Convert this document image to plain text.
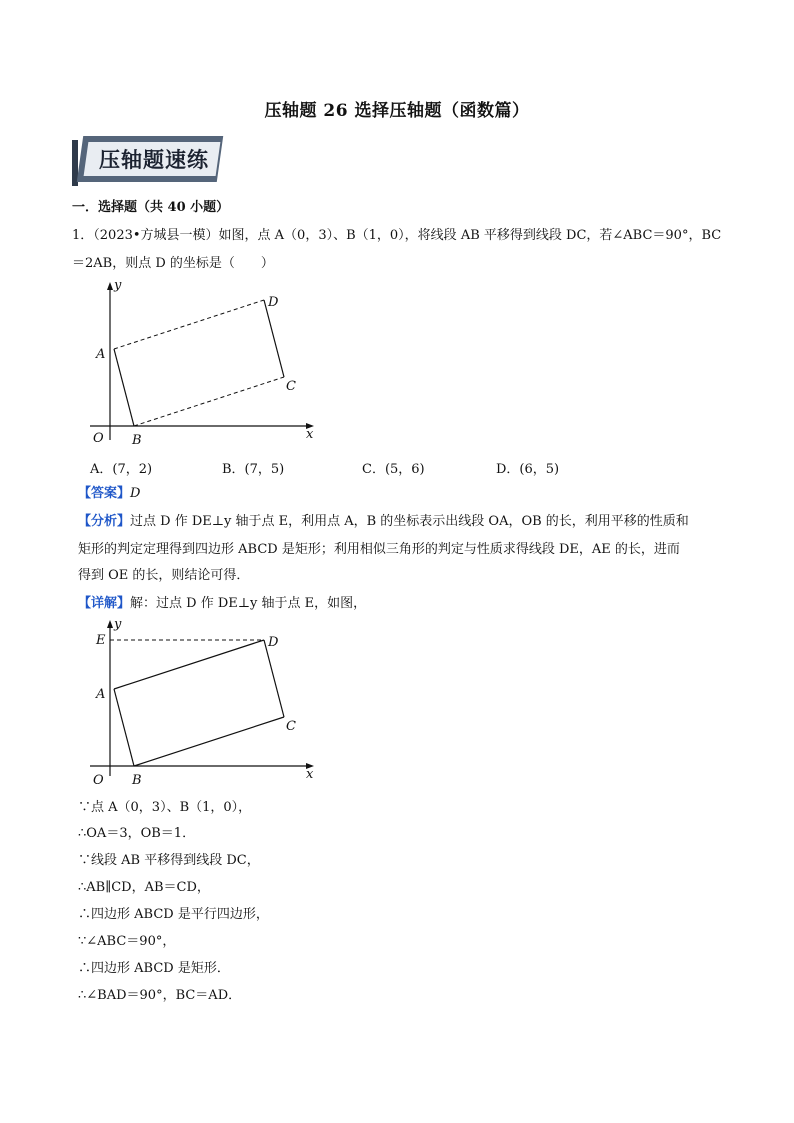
压轴题 26 选择压轴题（函数篇）
压轴题速练
一．选择题（共 40 小题）
1．（2023•方城县一模）如图，点 A（0，3）、B（1，0），将线段 AB 平移得到线段 DC，若∠ABC＝90°，BC
＝2AB，则点 D 的坐标是（　　）
y
x
O
A
B
C
D
A．(7，2)	B．(7，5)	C．(5，6)	D．(6，5)
【答案】D
【分析】过点 D 作 DE⊥y 轴于点 E，利用点 A，B 的坐标表示出线段 OA，OB 的长，利用平移的性质和
矩形的判定定理得到四边形 ABCD 是矩形；利用相似三角形的判定与性质求得线段 DE，AE 的长，进而
得到 OE 的长，则结论可得．
【详解】解：过点 D 作 DE⊥y 轴于点 E，如图，
y
x
O
E
A
B
C
D
∵点 A（0，3）、B（1，0），
∴OA＝3，OB＝1．
∵线段 AB 平移得到线段 DC，
∴AB∥CD，AB＝CD，
∴四边形 ABCD 是平行四边形，
∵∠ABC＝90°，
∴四边形 ABCD 是矩形．
∴∠BAD＝90°，BC＝AD．
